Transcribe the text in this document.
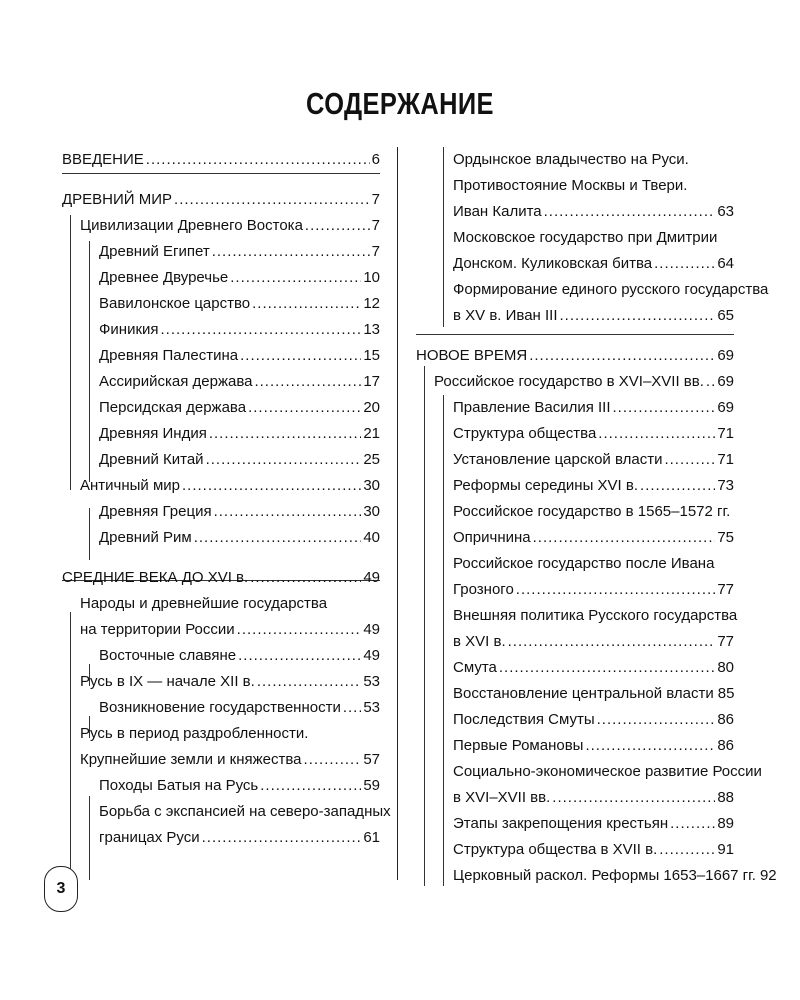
СОДЕРЖАНИЕ
ВВЕДЕНИЕ .....	6
ДРЕВНИЙ МИР .....	7
Цивилизации Древнего Востока .....	7
Древний Египет .....	7
Древнее Двуречье .....	10
Вавилонское царство .....	12
Финикия .....	13
Древняя Палестина .....	15
Ассирийская держава .....	17
Персидская держава .....	20
Древняя Индия .....	21
Древний Китай .....	25
Античный мир .....	30
Древняя Греция .....	30
Древний Рим .....	40
СРЕДНИЕ ВЕКА ДО XVI в. .....	49
Народы и древнейшие государства
на территории России .....	49
Восточные славяне .....	49
Русь в IX — начале XII в. .....	53
Возникновение государственности ..... 53
Русь в период раздробленности.
Крупнейшие земли и княжества .....	57
Походы Батыя на Русь .....	59
Борьба с экспансией на северо-западных
границах Руси .....	61
Ордынское владычество на Руси.
Противостояние Москвы и Твери.
Иван Калита .....	63
Московское государство при Дмитрии
Донском. Куликовская битва .....	64
Формирование единого русского государства
в XV в. Иван III .....	65
НОВОЕ ВРЕМЯ .....	69
Российское государство в XVI–XVII вв. ..... 69
Правление Василия III .....	69
Структура общества .....	71
Установление царской власти .....	71
Реформы середины XVI в. .....	73
Российское государство в 1565–1572 гг.
Опричнина .....	75
Российское государство после Ивана
Грозного .....	77
Внешняя политика Русского государства
в XVI в. .....	77
Смута .....	80
Восстановление центральной власти 85
Последствия Смуты .....	86
Первые Романовы .....	86
Социально-экономическое развитие России
в XVI–XVII вв. .....	88
Этапы закрепощения крестьян .....	89
Структура общества в XVII в. .....	91
Церковный раскол. Реформы 1653–1667 гг. 92
3
